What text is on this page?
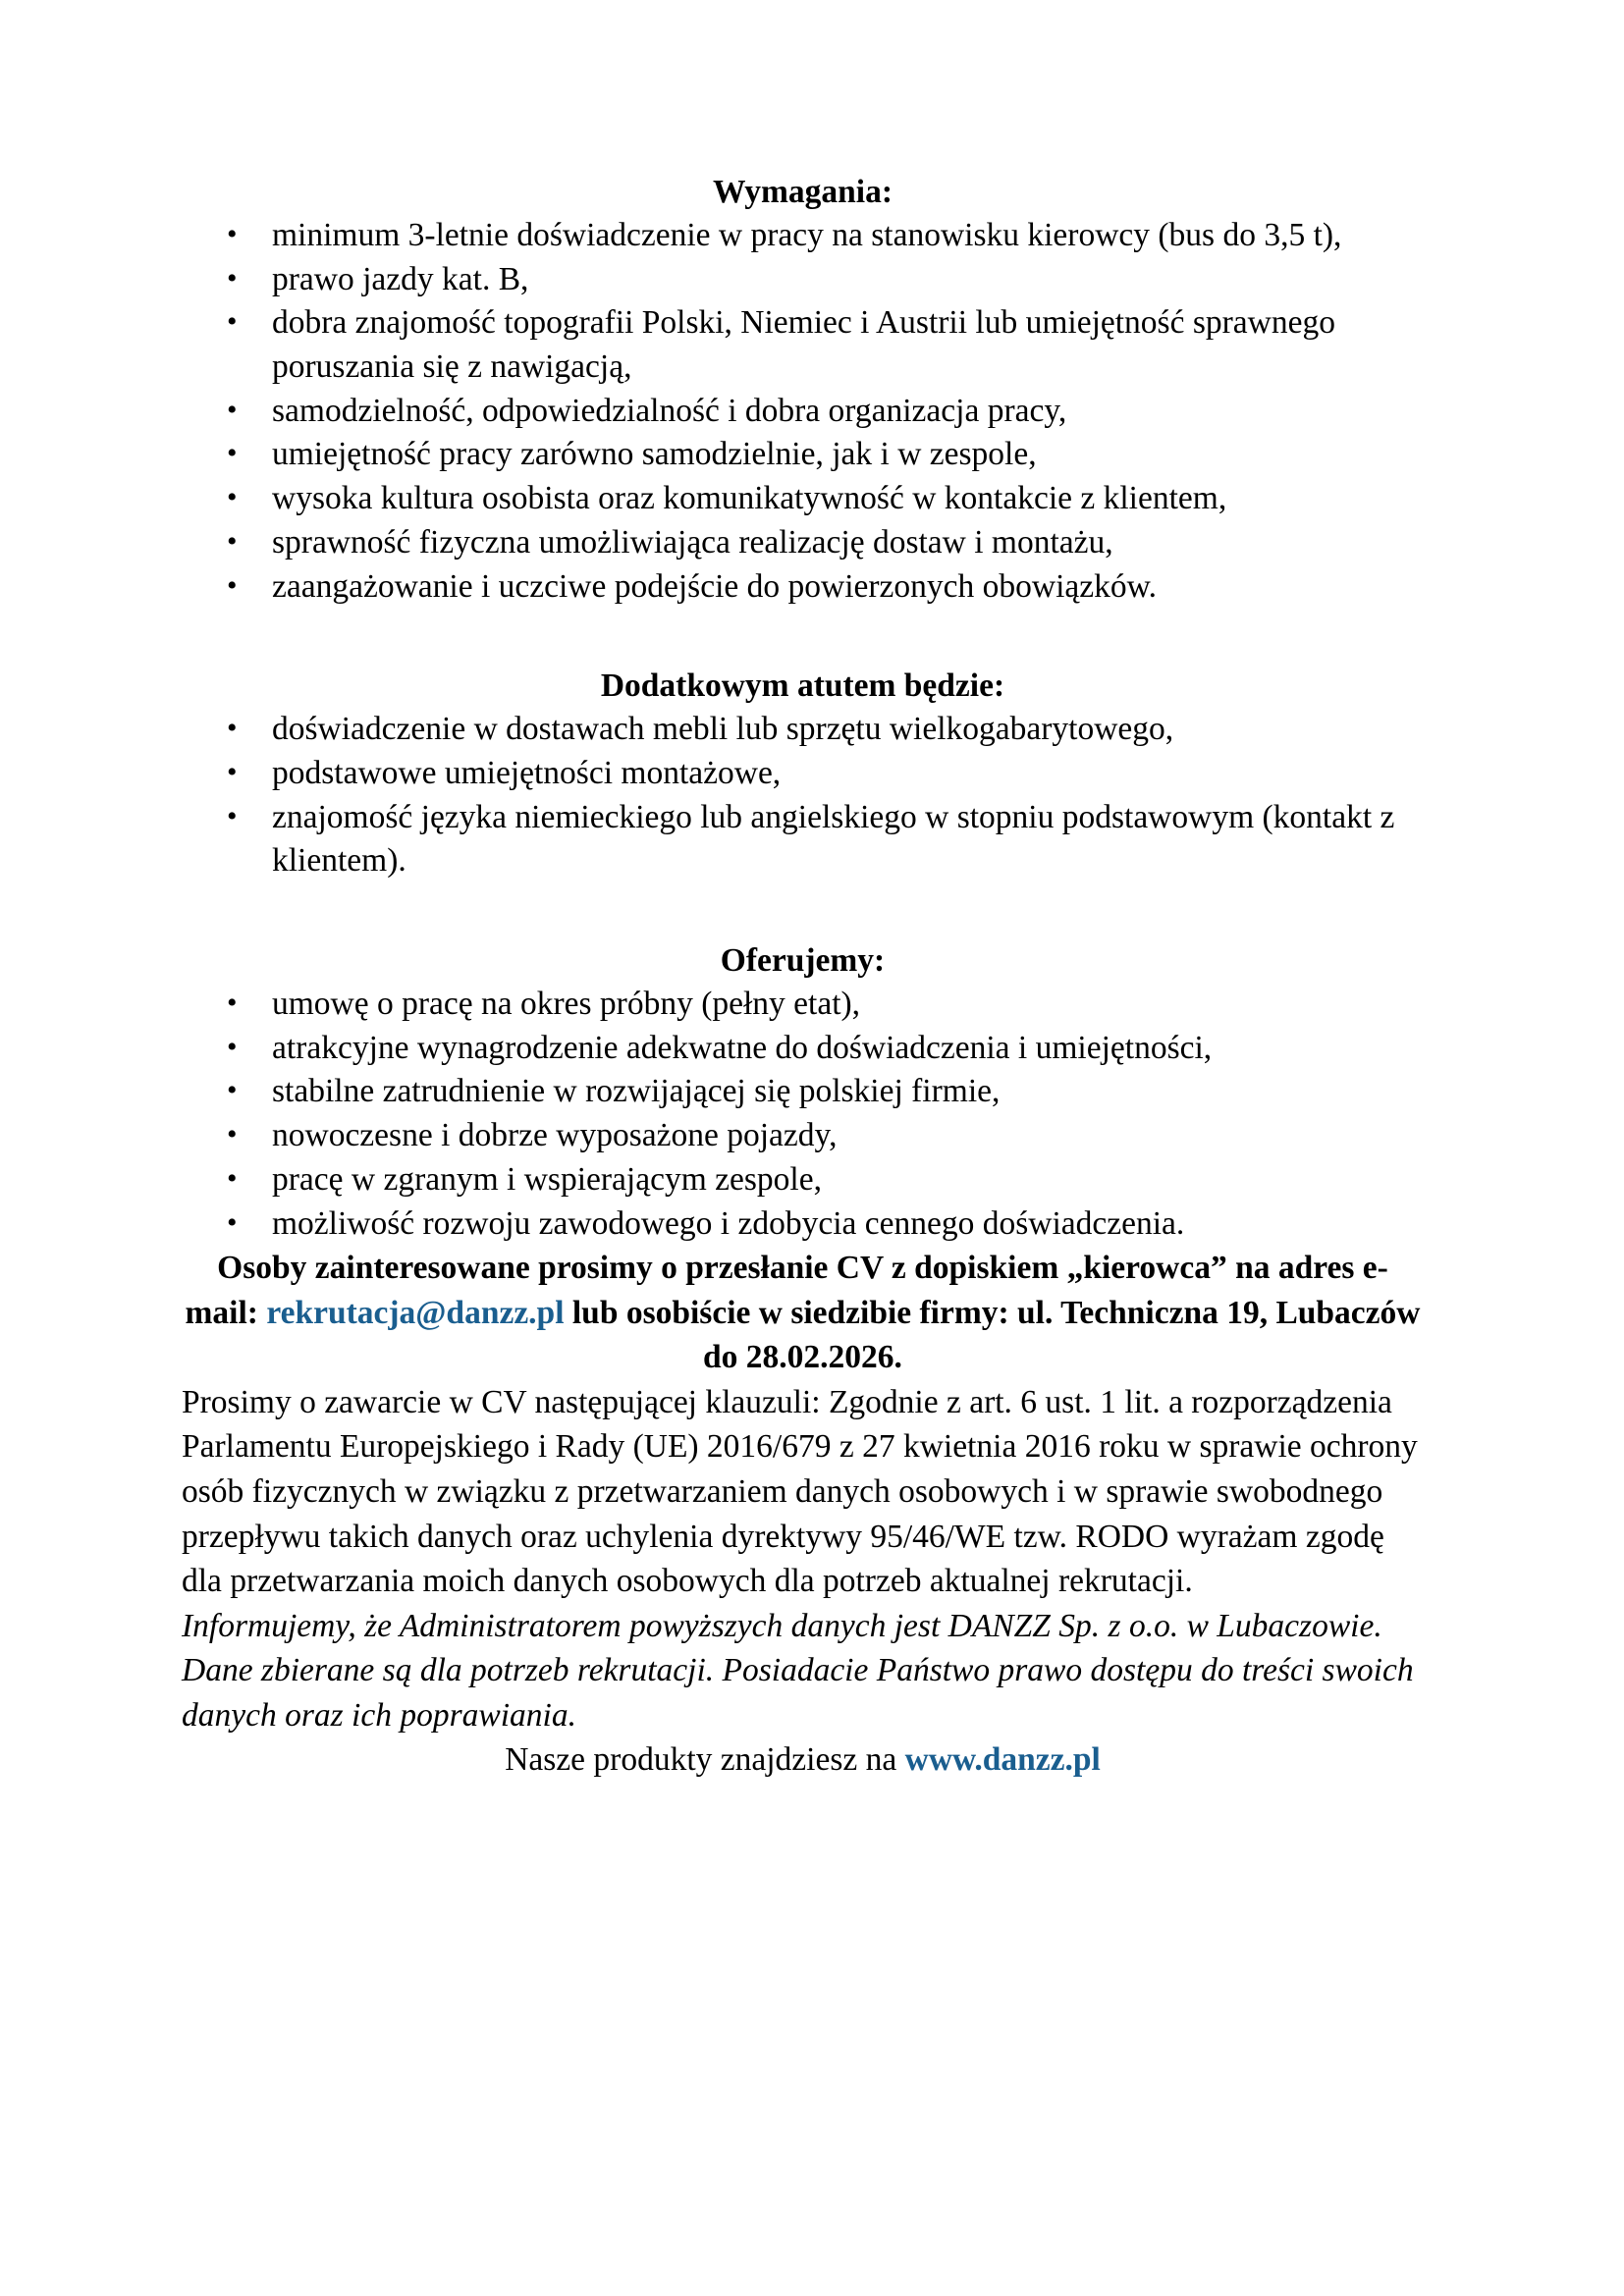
Wymagania:
• minimum 3-letnie doświadczenie w pracy na stanowisku kierowcy (bus do 3,5 t),
• prawo jazdy kat. B,
• dobra znajomość topografii Polski, Niemiec i Austrii lub umiejętność sprawnego poruszania się z nawigacją,
• samodzielność, odpowiedzialność i dobra organizacja pracy,
• umiejętność pracy zarówno samodzielnie, jak i w zespole,
• wysoka kultura osobista oraz komunikatywność w kontakcie z klientem,
• sprawność fizyczna umożliwiająca realizację dostaw i montażu,
• zaangażowanie i uczciwe podejście do powierzonych obowiązków.
Dodatkowym atutem będzie:
• doświadczenie w dostawach mebli lub sprzętu wielkogabarytowego,
• podstawowe umiejętności montażowe,
• znajomość języka niemieckiego lub angielskiego w stopniu podstawowym (kontakt z klientem).
Oferujemy:
• umowę o pracę na okres próbny (pełny etat),
• atrakcyjne wynagrodzenie adekwatne do doświadczenia i umiejętności,
• stabilne zatrudnienie w rozwijającej się polskiej firmie,
• nowoczesne i dobrze wyposażone pojazdy,
• pracę w zgranym i wspierającym zespole,
• możliwość rozwoju zawodowego i zdobycia cennego doświadczenia.

Osoby zainteresowane prosimy o przesłanie CV z dopiskiem „kierowca” na adres e-mail: rekrutacja@danzz.pl lub osobiście w siedzibie firmy: ul. Techniczna 19, Lubaczów do 28.02.2026.

Prosimy o zawarcie w CV następującej klauzuli: Zgodnie z art. 6 ust. 1 lit. a rozporządzenia Parlamentu Europejskiego i Rady (UE) 2016/679 z 27 kwietnia 2016 roku w sprawie ochrony osób fizycznych w związku z przetwarzaniem danych osobowych i w sprawie swobodnego przepływu takich danych oraz uchylenia dyrektywy 95/46/WE tzw. RODO wyrażam zgodę dla przetwarzania moich danych osobowych dla potrzeb aktualnej rekrutacji.

Informujemy, że Administratorem powyższych danych jest DANZZ Sp. z o.o. w Lubaczowie. Dane zbierane są dla potrzeb rekrutacji. Posiadacie Państwo prawo dostępu do treści swoich danych oraz ich poprawiania.

Nasze produkty znajdziesz na www.danzz.pl
